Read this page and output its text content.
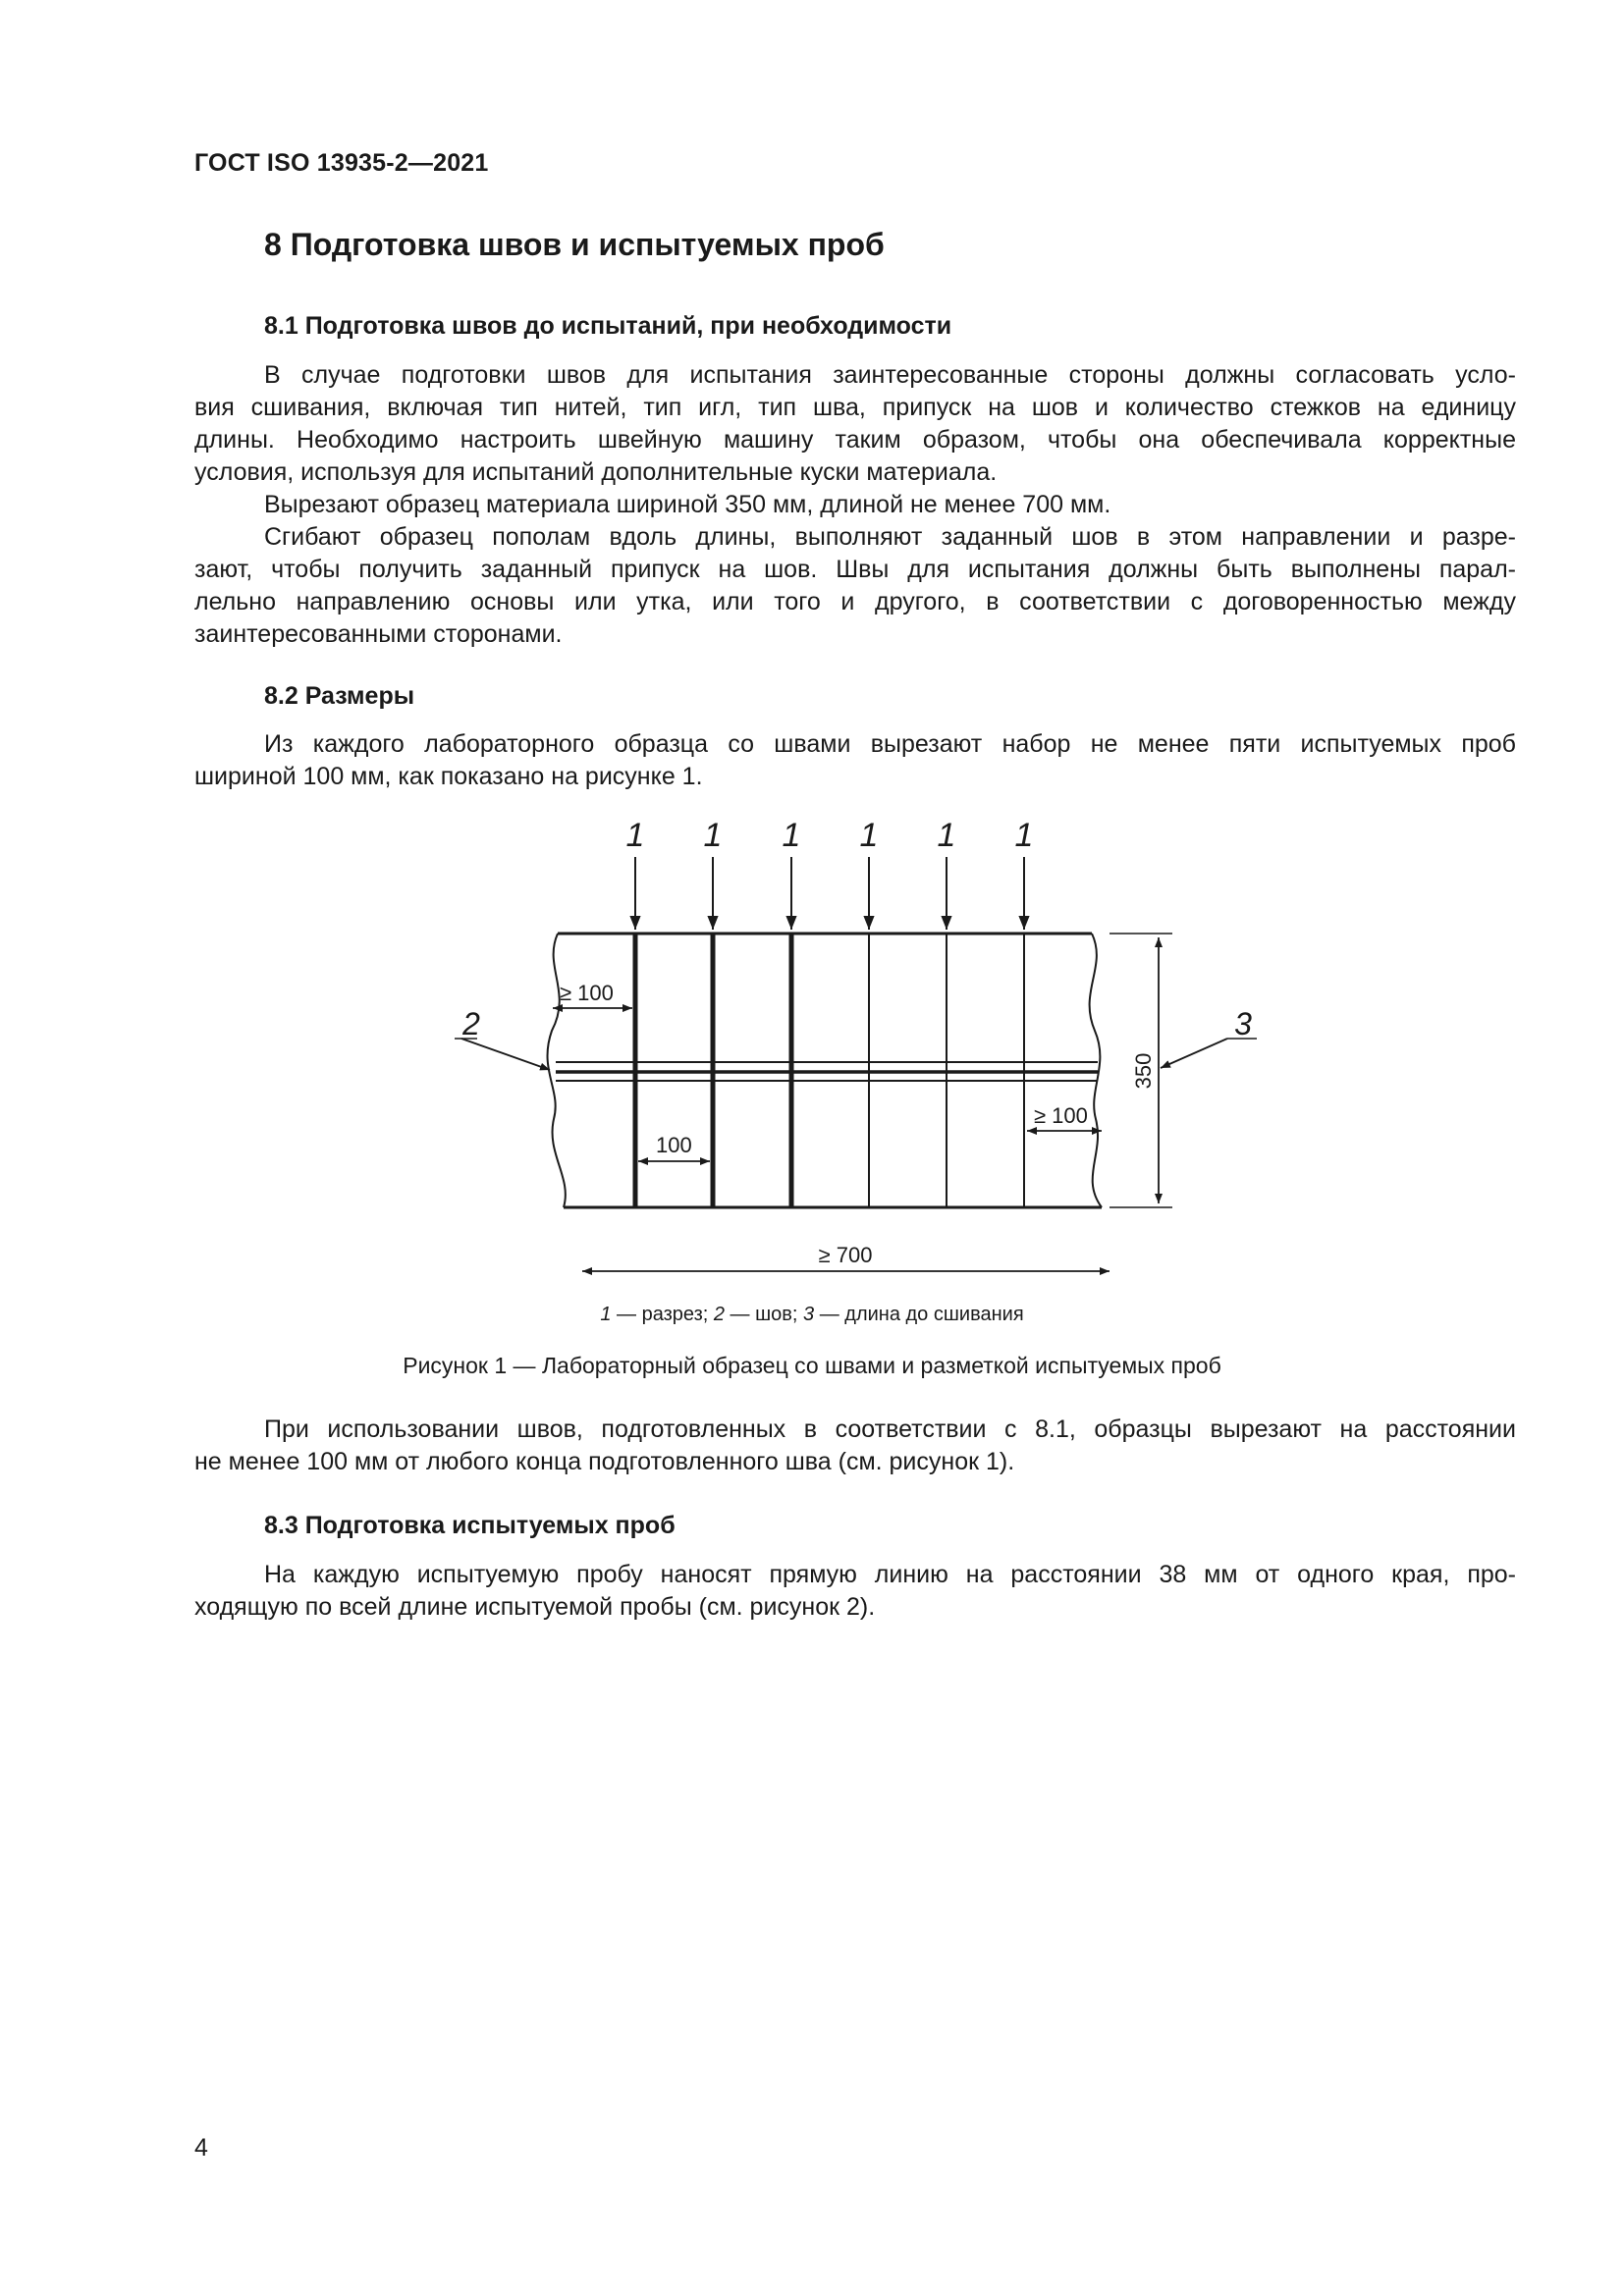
ГОСТ ISO 13935-2—2021
8 Подготовка швов и испытуемых проб
8.1 Подготовка швов до испытаний, при необходимости
В случае подготовки швов для испытания заинтересованные стороны должны согласовать усло-
вия сшивания, включая тип нитей, тип игл, тип шва, припуск на шов и количество стежков на единицу
длины. Необходимо настроить швейную машину таким образом, чтобы она обеспечивала корректные
условия, используя для испытаний дополнительные куски материала.
Вырезают образец материала шириной 350 мм, длиной не менее 700 мм.
Сгибают образец пополам вдоль длины, выполняют заданный шов в этом направлении и разре-
зают, чтобы получить заданный припуск на шов. Швы для испытания должны быть выполнены парал-
лельно направлению основы или утка, или того и другого, в соответствии с договоренностью между
заинтересованными сторонами.
8.2 Размеры
Из каждого лабораторного образца со швами вырезают набор не менее пяти испытуемых проб
шириной 100 мм, как показано на рисунке 1.
1 1 1 1 1 1
≥ 100
100
≥ 100
350
≥ 700
2	3
1 — разрез; 2 — шов; 3 — длина до сшивания
Рисунок 1 — Лабораторный образец со швами и разметкой испытуемых проб
При использовании швов, подготовленных в соответствии с 8.1, образцы вырезают на расстоянии
не менее 100 мм от любого конца подготовленного шва (см. рисунок 1).
8.3 Подготовка испытуемых проб
На каждую испытуемую пробу наносят прямую линию на расстоянии 38 мм от одного края, про-
ходящую по всей длине испытуемой пробы (см. рисунок 2).
4
